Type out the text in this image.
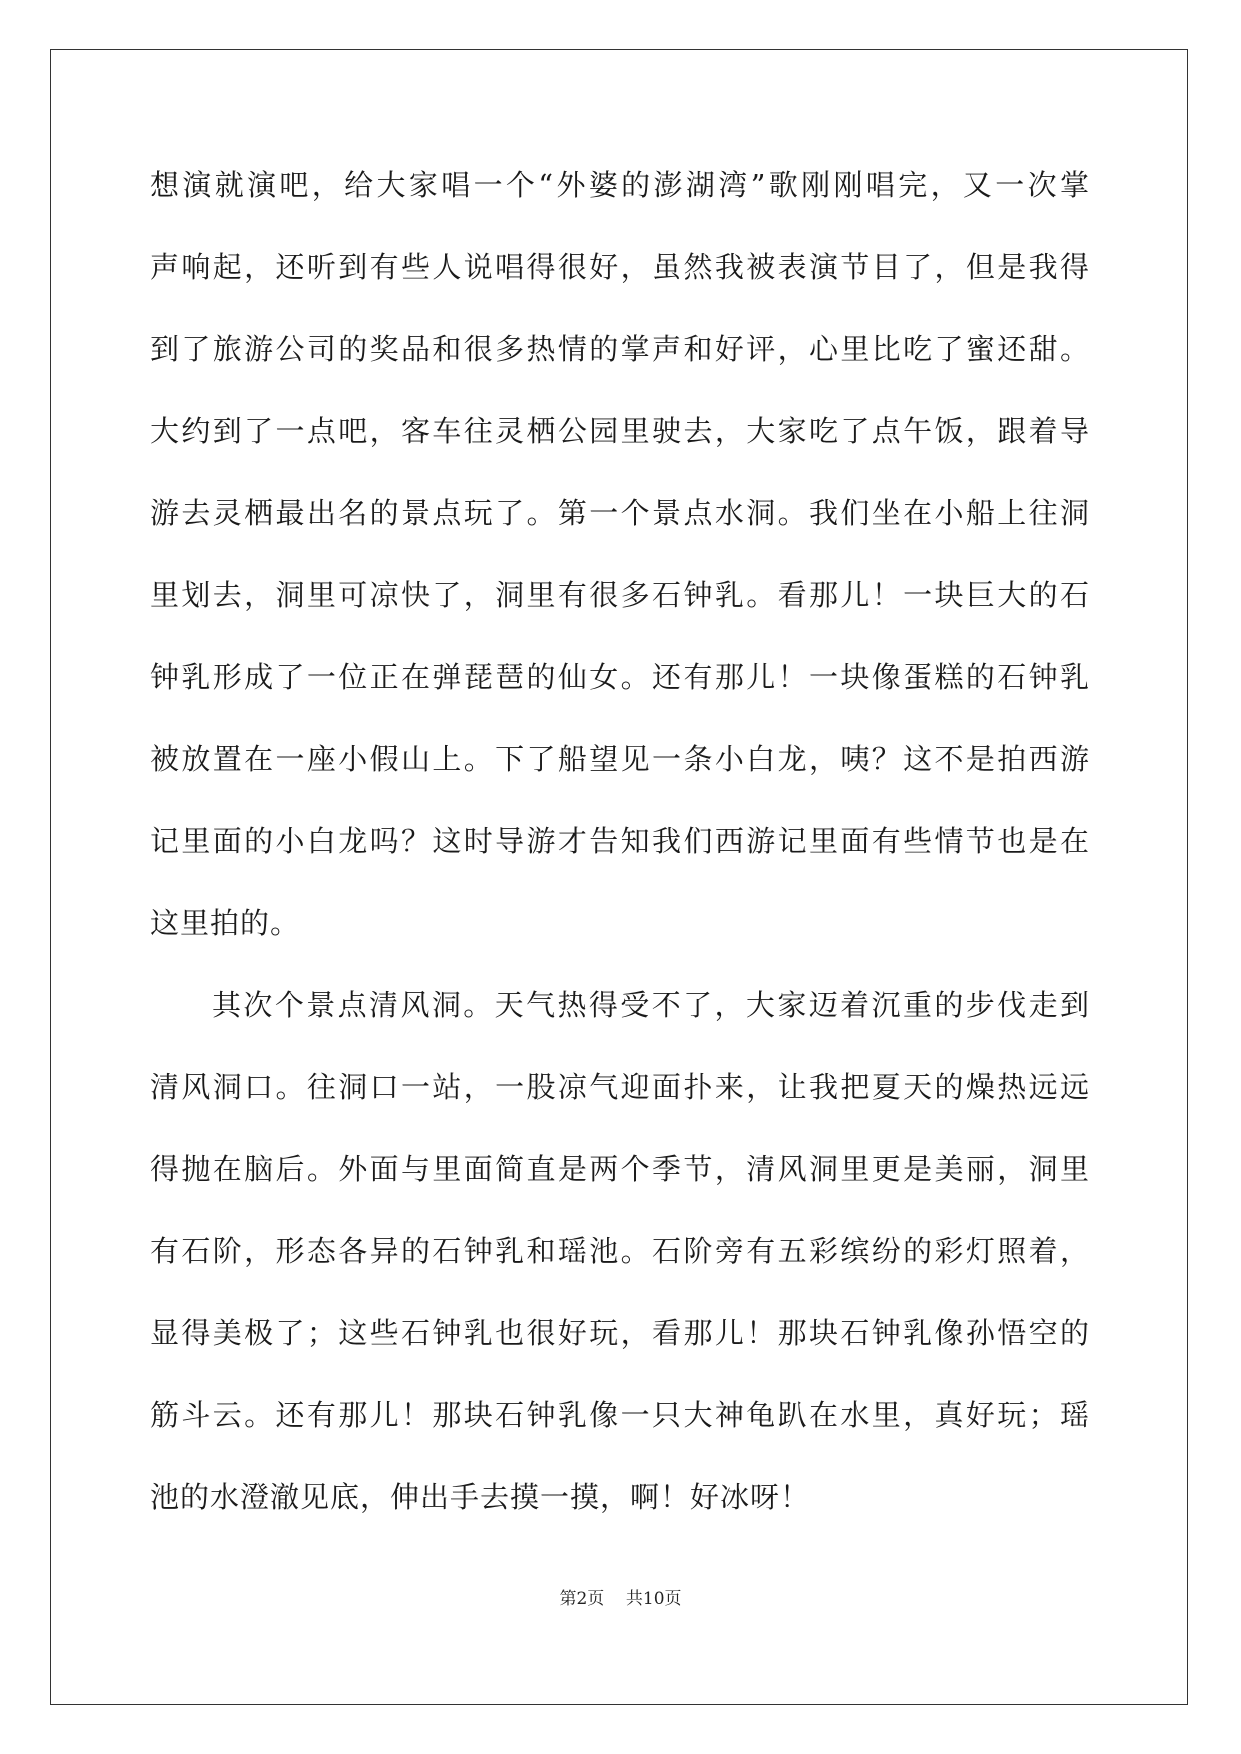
想演就演吧，给大家唱一个“外婆的澎湖湾”歌刚刚唱完，又一次掌
声响起，还听到有些人说唱得很好，虽然我被表演节目了，但是我得
到了旅游公司的奖品和很多热情的掌声和好评，心里比吃了蜜还甜。
大约到了一点吧，客车往灵栖公园里驶去，大家吃了点午饭，跟着导
游去灵栖最出名的景点玩了。第一个景点水洞。我们坐在小船上往洞
里划去，洞里可凉快了，洞里有很多石钟乳。看那儿！一块巨大的石
钟乳形成了一位正在弹琵琶的仙女。还有那儿！一块像蛋糕的石钟乳
被放置在一座小假山上。下了船望见一条小白龙，咦？这不是拍西游
记里面的小白龙吗？这时导游才告知我们西游记里面有些情节也是在
这里拍的。
其次个景点清风洞。天气热得受不了，大家迈着沉重的步伐走到
清风洞口。往洞口一站，一股凉气迎面扑来，让我把夏天的燥热远远
得抛在脑后。外面与里面简直是两个季节，清风洞里更是美丽，洞里
有石阶，形态各异的石钟乳和瑶池。石阶旁有五彩缤纷的彩灯照着，
显得美极了；这些石钟乳也很好玩，看那儿！那块石钟乳像孙悟空的
筋斗云。还有那儿！那块石钟乳像一只大神龟趴在水里，真好玩；瑶
池的水澄澈见底，伸出手去摸一摸，啊！好冰呀！
第2页    共10页
